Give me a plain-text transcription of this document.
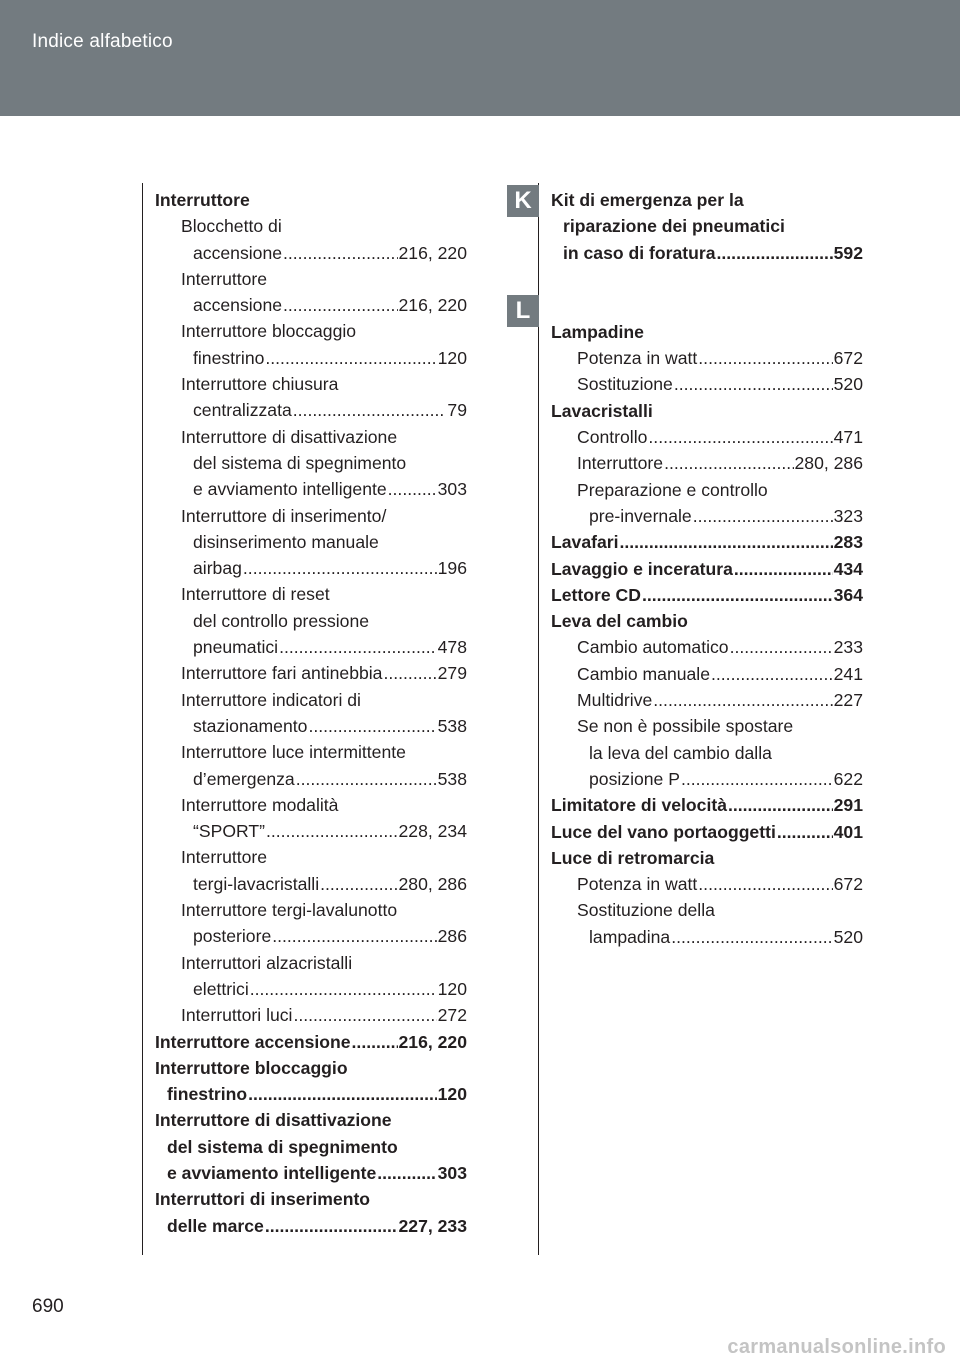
Indice alfabetico
Interruttore
Blocchetto di
accensione .....	216, 220
Interruttore
accensione .....	216, 220
Interruttore bloccaggio
finestrino .....	120
Interruttore chiusura
centralizzata .....	79
Interruttore di disattivazione
del sistema di spegnimento
e avviamento intelligente .....	303
Interruttore di inserimento/
disinserimento manuale
airbag .....	196
Interruttore di reset
del controllo pressione
pneumatici .....	478
Interruttore fari antinebbia .....	279
Interruttore indicatori di
stazionamento .....	538
Interruttore luce intermittente
d’emergenza .....	538
Interruttore modalità
“SPORT” .....	228, 234
Interruttore
tergi-lavacristalli .....	280, 286
Interruttore tergi-lavalunotto
posteriore .....	286
Interruttori alzacristalli
elettrici .....	120
Interruttori luci .....	272
Interruttore accensione .....	216, 220
Interruttore bloccaggio
finestrino .....	120
Interruttore di disattivazione
del sistema di spegnimento
e avviamento intelligente .....	303
Interruttori di inserimento
delle marce .....	227, 233
K
L
Kit di emergenza per la
riparazione dei pneumatici
in caso di foratura .....	592
Lampadine
Potenza in watt .....	672
Sostituzione .....	520
Lavacristalli
Controllo .....	471
Interruttore .....	280, 286
Preparazione e controllo
pre-invernale .....	323
Lavafari .....	283
Lavaggio e inceratura .....	434
Lettore CD .....	364
Leva del cambio
Cambio automatico .....	233
Cambio manuale .....	241
Multidrive .....	227
Se non è possibile spostare
la leva del cambio dalla
posizione P .....	622
Limitatore di velocità .....	291
Luce del vano portaoggetti .....	401
Luce di retromarcia
Potenza in watt .....	672
Sostituzione della
lampadina .....	520
690
carmanualsonline.info
